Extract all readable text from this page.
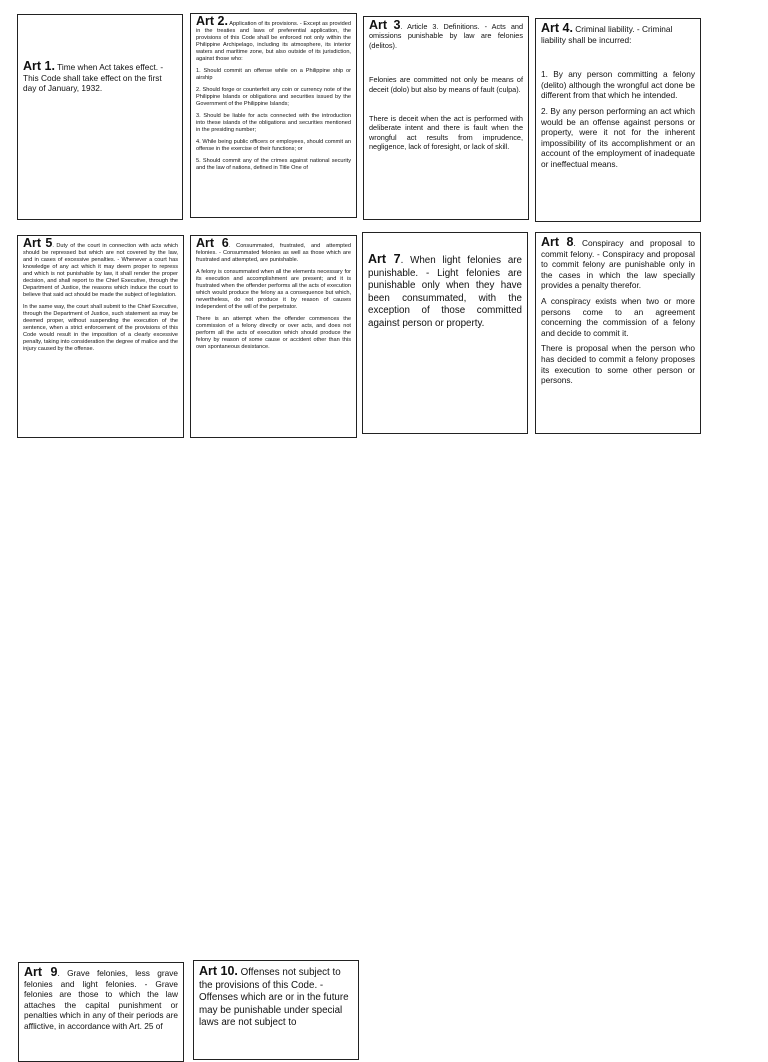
Art 1. Time when Act takes effect. - This Code shall take effect on the first day of January, 1932.

Art 2. Application of its provisions. - Except as provided in the treaties and laws of preferential application, the provisions of this Code shall be enforced not only within the Philippine Archipelago, including its atmosphere, its interior waters and maritime zone, but also outside of its jurisdiction, against those who:

1. Should commit an offense while on a Philippine ship or airship

2. Should forge or counterfeit any coin or currency note of the Philippine Islands or obligations and securities issued by the Government of the Philippine Islands;

3. Should be liable for acts connected with the introduction into these islands of the obligations and securities mentioned in the presiding number;

4. While being public officers or employees, should commit an offense in the exercise of their functions; or

5. Should commit any of the crimes against national security and the law of nations, defined in Title One of

Art 3. Article 3. Definitions. - Acts and omissions punishable by law are felonies (delitos).

Felonies are committed not only be means of deceit (dolo) but also by means of fault (culpa).

There is deceit when the act is performed with deliberate intent and there is fault when the wrongful act results from imprudence, negligence, lack of foresight, or lack of skill.

Art 4. Criminal liability. - Criminal liability shall be incurred:

1. By any person committing a felony (delito) although the wrongful act done be different from that which he intended.

2. By any person performing an act which would be an offense against persons or property, were it not for the inherent impossibility of its accomplishment or an account of the employment of inadequate or ineffectual means.

Art 5. Duty of the court in connection with acts which should be repressed but which are not covered by the law, and in cases of excessive penalties. - Whenever a court has knowledge of any act which it may deem proper to repress and which is not punishable by law, it shall render the proper decision, and shall report to the Chief Executive, through the Department of Justice, the reasons which induce the court to believe that said act should be made the subject of legislation.

In the same way, the court shall submit to the Chief Executive, through the Department of Justice, such statement as may be deemed proper, without suspending the execution of the sentence, when a strict enforcement of the provisions of this Code would result in the imposition of a clearly excessive penalty, taking into consideration the degree of malice and the injury caused by the offense.

Art 6. Consummated, frustrated, and attempted felonies. - Consummated felonies as well as those which are frustrated and attempted, are punishable.

A felony is consummated when all the elements necessary for its execution and accomplishment are present; and it is frustrated when the offender performs all the acts of execution which would produce the felony as a consequence but which, nevertheless, do not produce it by reason of causes independent of the will of the perpetrator.

There is an attempt when the offender commences the commission of a felony directly or over acts, and does not perform all the acts of execution which should produce the felony by reason of some cause or accident other than this own spontaneous desistance.

Art 7. When light felonies are punishable. - Light felonies are punishable only when they have been consummated, with the exception of those committed against person or property.

Art 8. Conspiracy and proposal to commit felony. - Conspiracy and proposal to commit felony are punishable only in the cases in which the law specially provides a penalty therefor.

A conspiracy exists when two or more persons come to an agreement concerning the commission of a felony and decide to commit it.

There is proposal when the person who has decided to commit a felony proposes its execution to some other person or persons.

Art 9. Grave felonies, less grave felonies and light felonies. - Grave felonies are those to which the law attaches the capital punishment or penalties which in any of their periods are afflictive, in accordance with Art. 25 of

Art 10. Offenses not subject to the provisions of this Code. - Offenses which are or in the future may be punishable under special laws are not subject to
